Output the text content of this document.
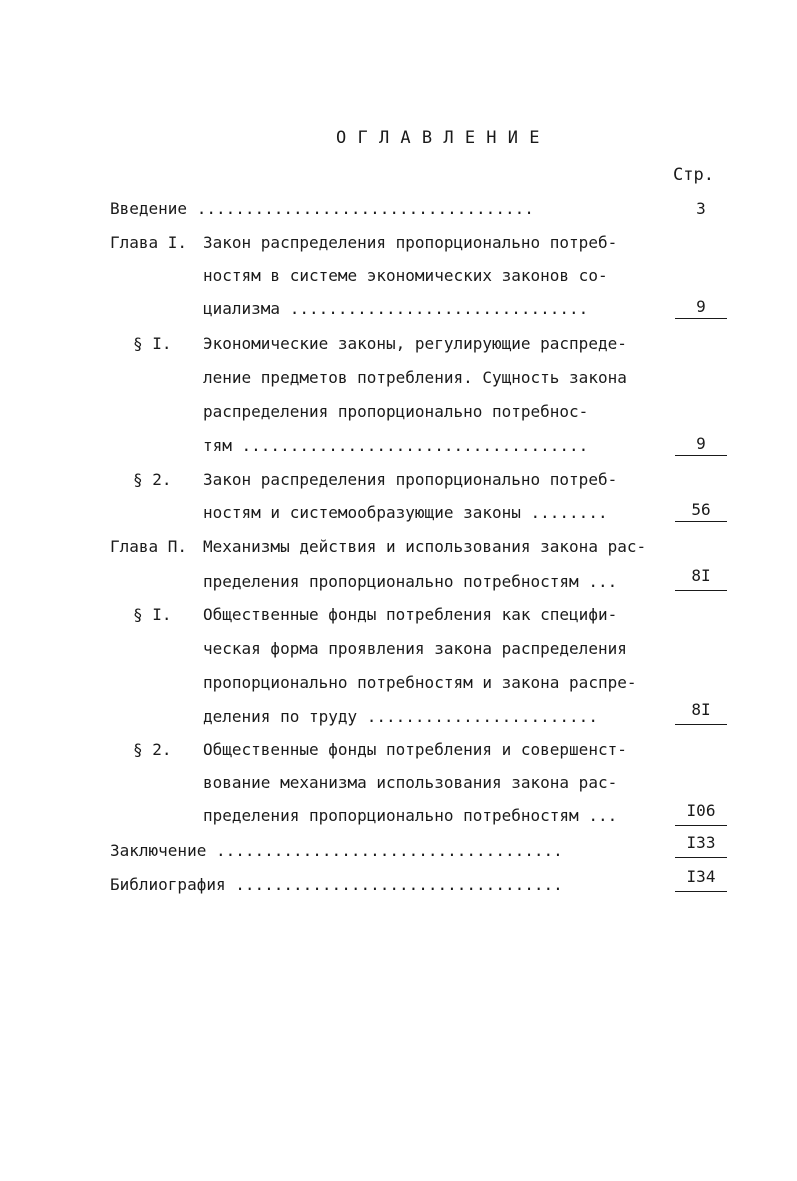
О Г Л А В Л Е Н И Е
Стр.
Введение ...................................	3
Глава I. Закон распределения пропорционально потреб-
ностям в системе экономических законов со-
циализма ...............................	9
§ I. Экономические законы, регулирующие распреде-
ление предметов потребления. Сущность закона
распределения пропорционально потребнос-
тям ....................................	9
§ 2. Закон распределения пропорционально потреб-
ностям и системообразующие законы ........	56
Глава П. Механизмы действия и использования закона рас-
пределения пропорционально потребностям ...	8I
§ I. Общественные фонды потребления как специфи-
ческая форма проявления закона распределения
пропорционально потребностям и закона распре-
деления по труду ........................	8I
§ 2. Общественные фонды потребления и совершенст-
вование механизма использования закона рас-
пределения пропорционально потребностям ...	I06
Заключение ....................................	I33
Библиография ..................................	I34
